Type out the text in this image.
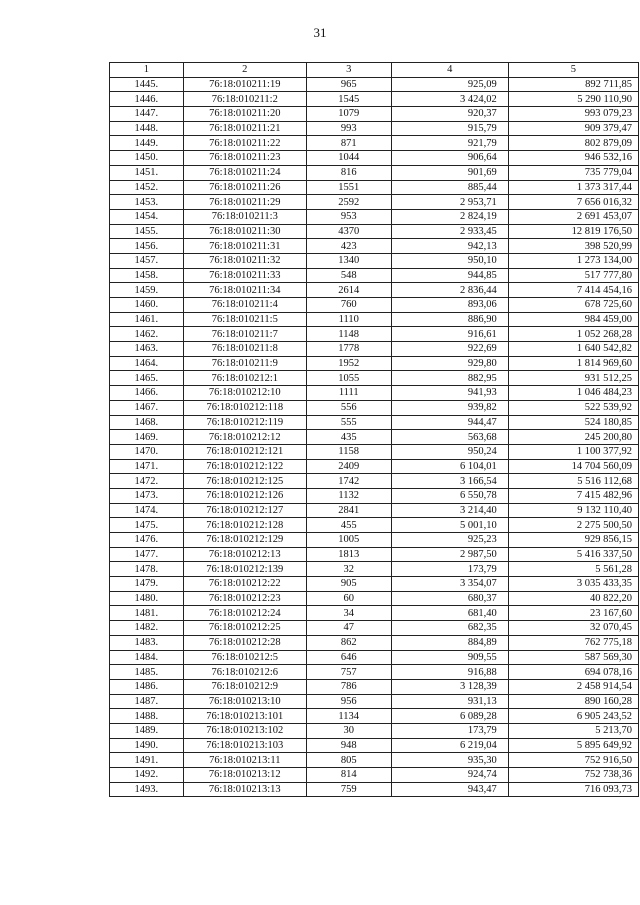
31
1	2	3	4	5
1445.	76:18:010211:19	965	925,09	892 711,85
1446.	76:18:010211:2	1545	3 424,02	5 290 110,90
1447.	76:18:010211:20	1079	920,37	993 079,23
1448.	76:18:010211:21	993	915,79	909 379,47
1449.	76:18:010211:22	871	921,79	802 879,09
1450.	76:18:010211:23	1044	906,64	946 532,16
1451.	76:18:010211:24	816	901,69	735 779,04
1452.	76:18:010211:26	1551	885,44	1 373 317,44
1453.	76:18:010211:29	2592	2 953,71	7 656 016,32
1454.	76:18:010211:3	953	2 824,19	2 691 453,07
1455.	76:18:010211:30	4370	2 933,45	12 819 176,50
1456.	76:18:010211:31	423	942,13	398 520,99
1457.	76:18:010211:32	1340	950,10	1 273 134,00
1458.	76:18:010211:33	548	944,85	517 777,80
1459.	76:18:010211:34	2614	2 836,44	7 414 454,16
1460.	76:18:010211:4	760	893,06	678 725,60
1461.	76:18:010211:5	1110	886,90	984 459,00
1462.	76:18:010211:7	1148	916,61	1 052 268,28
1463.	76:18:010211:8	1778	922,69	1 640 542,82
1464.	76:18:010211:9	1952	929,80	1 814 969,60
1465.	76:18:010212:1	1055	882,95	931 512,25
1466.	76:18:010212:10	1111	941,93	1 046 484,23
1467.	76:18:010212:118	556	939,82	522 539,92
1468.	76:18:010212:119	555	944,47	524 180,85
1469.	76:18:010212:12	435	563,68	245 200,80
1470.	76:18:010212:121	1158	950,24	1 100 377,92
1471.	76:18:010212:122	2409	6 104,01	14 704 560,09
1472.	76:18:010212:125	1742	3 166,54	5 516 112,68
1473.	76:18:010212:126	1132	6 550,78	7 415 482,96
1474.	76:18:010212:127	2841	3 214,40	9 132 110,40
1475.	76:18:010212:128	455	5 001,10	2 275 500,50
1476.	76:18:010212:129	1005	925,23	929 856,15
1477.	76:18:010212:13	1813	2 987,50	5 416 337,50
1478.	76:18:010212:139	32	173,79	5 561,28
1479.	76:18:010212:22	905	3 354,07	3 035 433,35
1480.	76:18:010212:23	60	680,37	40 822,20
1481.	76:18:010212:24	34	681,40	23 167,60
1482.	76:18:010212:25	47	682,35	32 070,45
1483.	76:18:010212:28	862	884,89	762 775,18
1484.	76:18:010212:5	646	909,55	587 569,30
1485.	76:18:010212:6	757	916,88	694 078,16
1486.	76:18:010212:9	786	3 128,39	2 458 914,54
1487.	76:18:010213:10	956	931,13	890 160,28
1488.	76:18:010213:101	1134	6 089,28	6 905 243,52
1489.	76:18:010213:102	30	173,79	5 213,70
1490.	76:18:010213:103	948	6 219,04	5 895 649,92
1491.	76:18:010213:11	805	935,30	752 916,50
1492.	76:18:010213:12	814	924,74	752 738,36
1493.	76:18:010213:13	759	943,47	716 093,73
